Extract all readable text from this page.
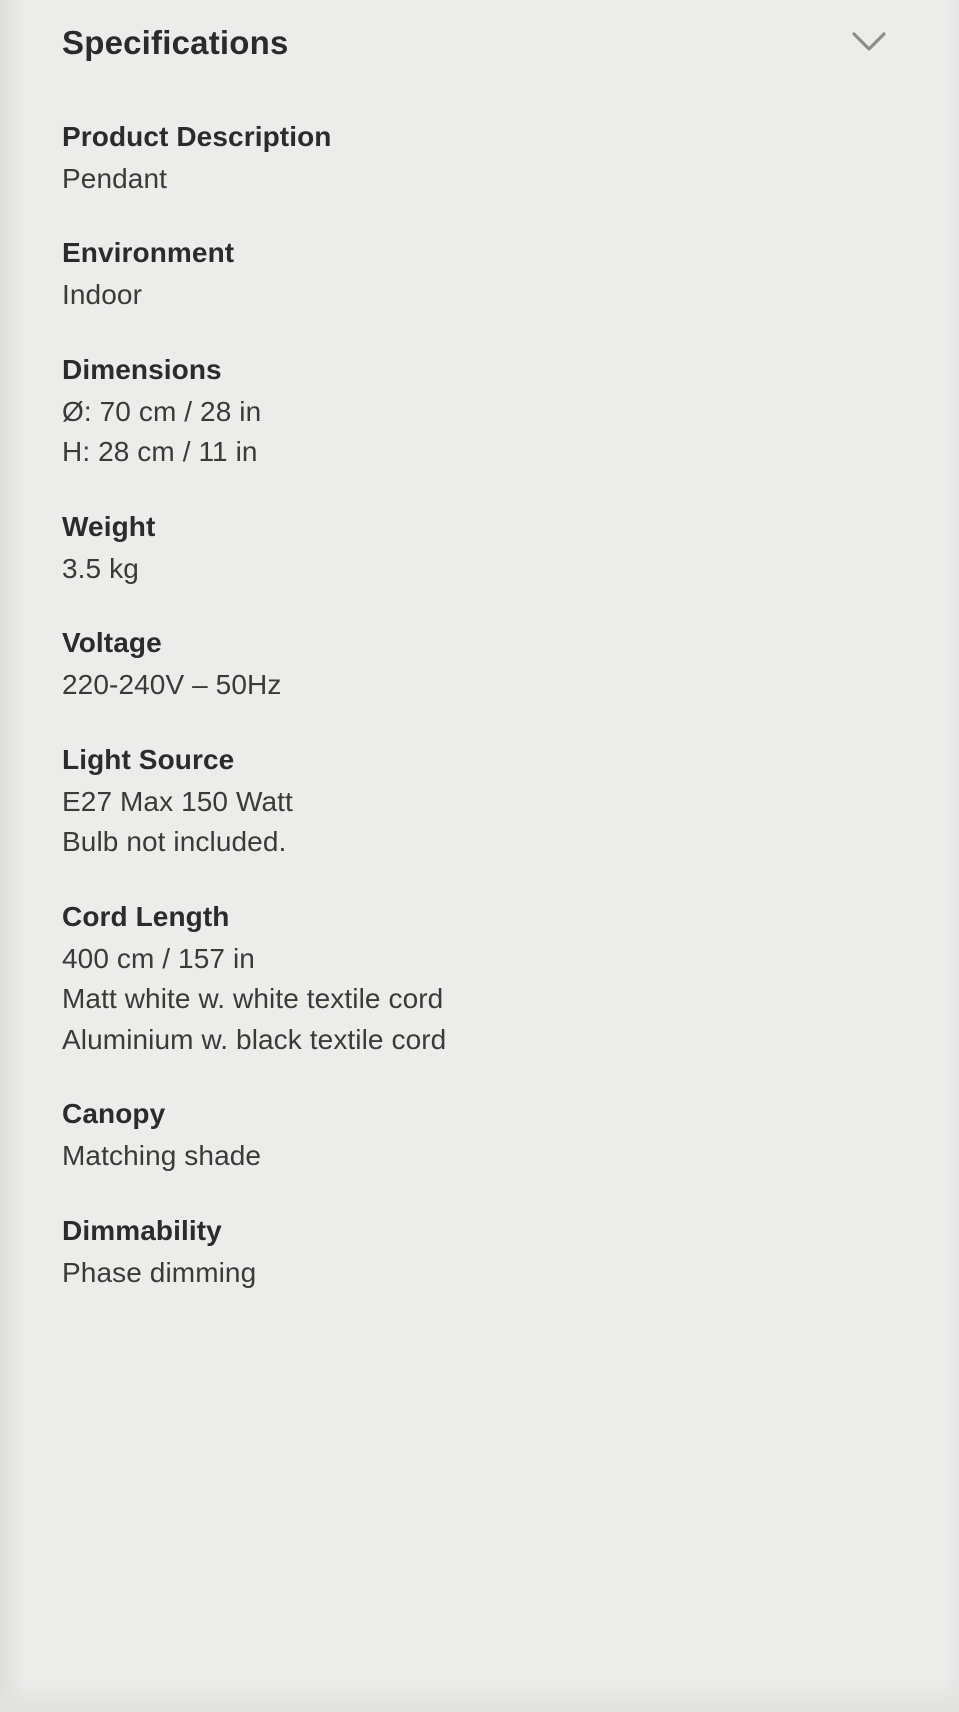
Specifications
Product Description
Pendant
Environment
Indoor
Dimensions
Ø: 70 cm / 28 in
H: 28 cm / 11 in
Weight
3.5 kg
Voltage
220-240V – 50Hz
Light Source
E27 Max 150 Watt
Bulb not included.
Cord Length
400 cm / 157 in
Matt white w. white textile cord
Aluminium w. black textile cord
Canopy
Matching shade
Dimmability
Phase dimming
